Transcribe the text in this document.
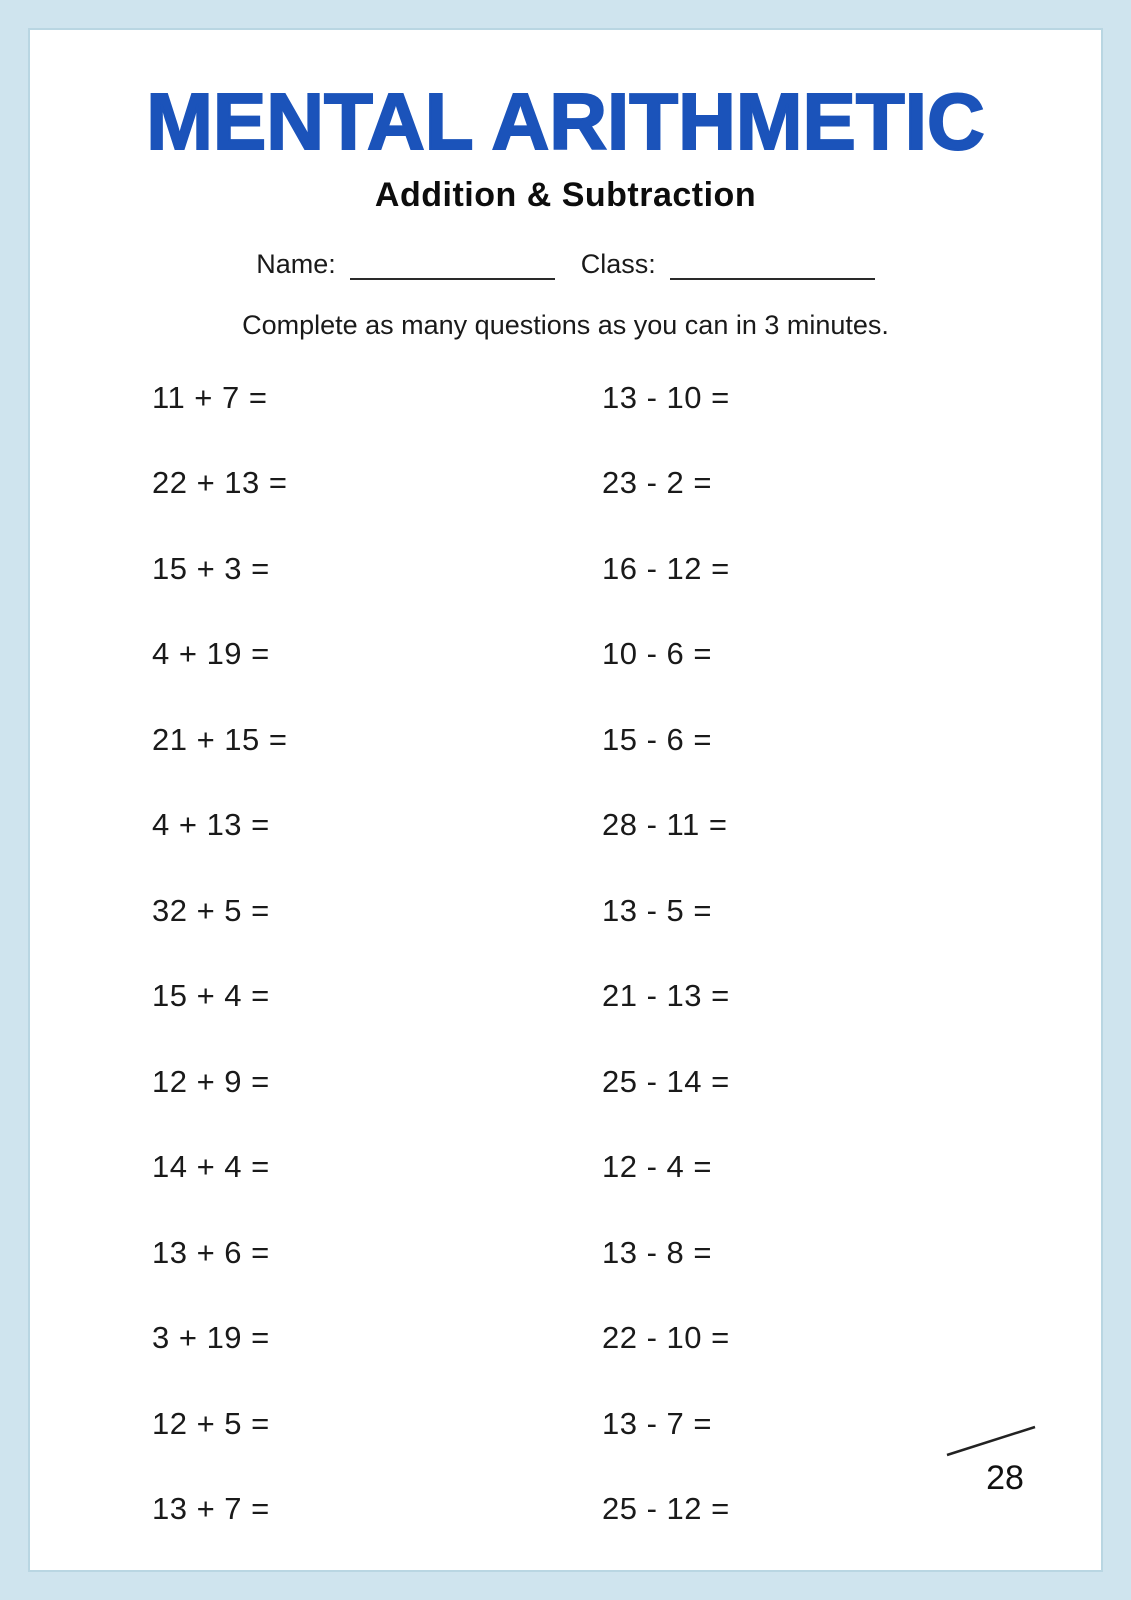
MENTAL ARITHMETIC
Addition & Subtraction
Name:	Class:
Complete as many questions as you can in 3 minutes.
11 + 7 =	13 - 10 =
22 + 13 =	23 - 2 =
15 + 3 =	16 - 12 =
4 + 19 =	10 - 6 =
21 + 15 =	15 - 6 =
4 + 13 =	28 - 11 =
32 + 5 =	13 - 5 =
15 + 4 =	21 - 13 =
12 + 9 =	25 - 14 =
14 + 4 =	12 - 4 =
13 + 6 =	13 - 8 =
3 + 19 =	22 - 10 =
12 + 5 =	13 - 7 =
13 + 7 =	25 - 12 =
28
